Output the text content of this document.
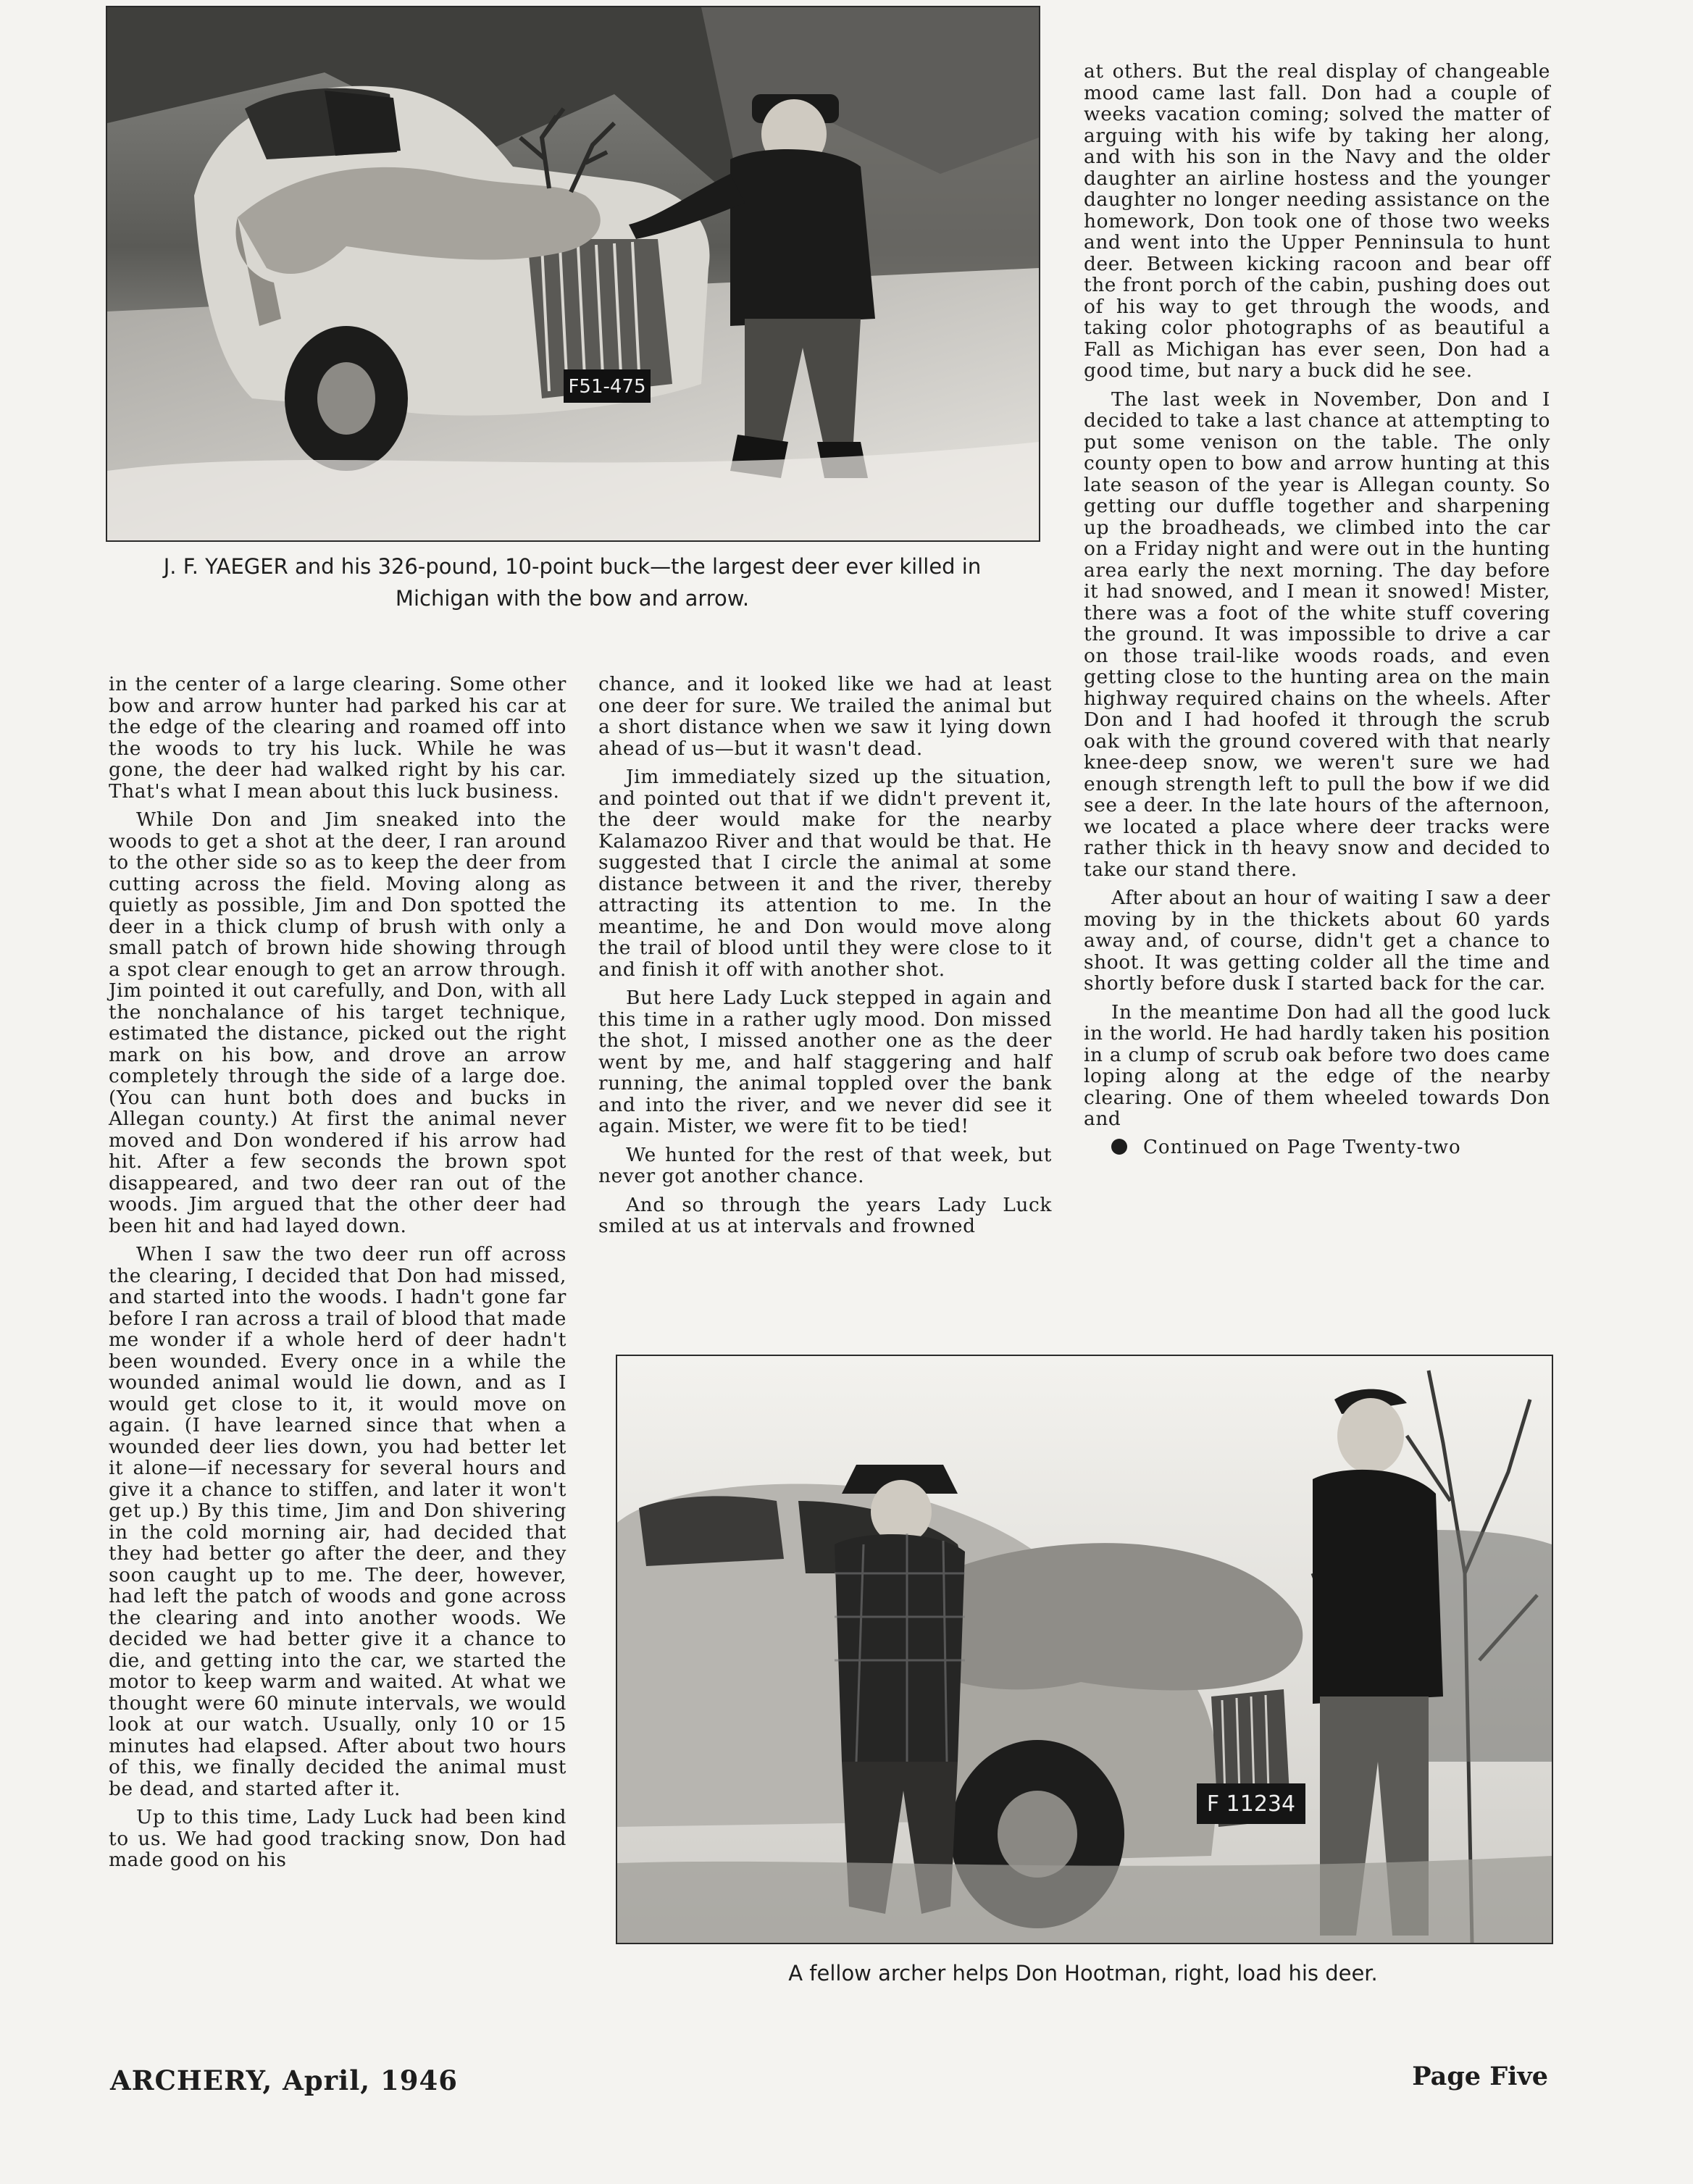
F51-475
J. F. YAEGER and his 326-pound, 10-point buck—the largest deer ever killed in Michigan with the bow and arrow.

in the center of a large clearing. Some other bow and arrow hunter had parked his car at the edge of the clearing and roamed off into the woods to try his luck. While he was gone, the deer had walked right by his car. That's what I mean about this luck business.

While Don and Jim sneaked into the woods to get a shot at the deer, I ran around to the other side so as to keep the deer from cutting across the field. Moving along as quietly as possible, Jim and Don spotted the deer in a thick clump of brush with only a small patch of brown hide showing through a spot clear enough to get an arrow through. Jim pointed it out carefully, and Don, with all the nonchalance of his target technique, estimated the distance, picked out the right mark on his bow, and drove an arrow completely through the side of a large doe. (You can hunt both does and bucks in Allegan county.) At first the animal never moved and Don wondered if his arrow had hit. After a few seconds the brown spot disappeared, and two deer ran out of the woods. Jim argued that the other deer had been hit and had layed down.

When I saw the two deer run off across the clearing, I decided that Don had missed, and started into the woods. I hadn't gone far before I ran across a trail of blood that made me wonder if a whole herd of deer hadn't been wounded. Every once in a while the wounded animal would lie down, and as I would get close to it, it would move on again. (I have learned since that when a wounded deer lies down, you had better let it alone—if necessary for several hours and give it a chance to stiffen, and later it won't get up.) By this time, Jim and Don shivering in the cold morning air, had decided that they had better go after the deer, and they soon caught up to me. The deer, however, had left the patch of woods and gone across the clearing and into another woods. We decided we had better give it a chance to die, and getting into the car, we started the motor to keep warm and waited. At what we thought were 60 minute intervals, we would look at our watch. Usually, only 10 or 15 minutes had elapsed. After about two hours of this, we finally decided the animal must be dead, and started after it.

Up to this time, Lady Luck had been kind to us. We had good tracking snow, Don had made good on his

chance, and it looked like we had at least one deer for sure. We trailed the animal but a short distance when we saw it lying down ahead of us—but it wasn't dead.

Jim immediately sized up the situation, and pointed out that if we didn't prevent it, the deer would make for the nearby Kalamazoo River and that would be that. He suggested that I circle the animal at some distance between it and the river, thereby attracting its attention to me. In the meantime, he and Don would move along the trail of blood until they were close to it and finish it off with another shot.

But here Lady Luck stepped in again and this time in a rather ugly mood. Don missed the shot, I missed another one as the deer went by me, and half staggering and half running, the animal toppled over the bank and into the river, and we never did see it again. Mister, we were fit to be tied!

We hunted for the rest of that week, but never got another chance.

And so through the years Lady Luck smiled at us at intervals and frowned

at others. But the real display of changeable mood came last fall. Don had a couple of weeks vacation coming; solved the matter of arguing with his wife by taking her along, and with his son in the Navy and the older daughter an airline hostess and the younger daughter no longer needing assistance on the homework, Don took one of those two weeks and went into the Upper Penninsula to hunt deer. Between kicking racoon and bear off the front porch of the cabin, pushing does out of his way to get through the woods, and taking color photographs of as beautiful a Fall as Michigan has ever seen, Don had a good time, but nary a buck did he see.

The last week in November, Don and I decided to take a last chance at attempting to put some venison on the table. The only county open to bow and arrow hunting at this late season of the year is Allegan county. So getting our duffle together and sharpening up the broadheads, we climbed into the car on a Friday night and were out in the hunting area early the next morning. The day before it had snowed, and I mean it snowed! Mister, there was a foot of the white stuff covering the ground. It was impossible to drive a car on those trail-like woods roads, and even getting close to the hunting area on the main highway required chains on the wheels. After Don and I had hoofed it through the scrub oak with the ground covered with that nearly knee-deep snow, we weren't sure we had enough strength left to pull the bow if we did see a deer. In the late hours of the afternoon, we located a place where deer tracks were rather thick in th heavy snow and decided to take our stand there.

After about an hour of waiting I saw a deer moving by in the thickets about 60 yards away and, of course, didn't get a chance to shoot. It was getting colder all the time and shortly before dusk I started back for the car.

In the meantime Don had all the good luck in the world. He had hardly taken his position in a clump of scrub oak before two does came loping along at the edge of the nearby clearing. One of them wheeled towards Don and

Continued on Page Twenty-two

F 11234
A fellow archer helps Don Hootman, right, load his deer.
ARCHERY, April, 1946	Page Five
